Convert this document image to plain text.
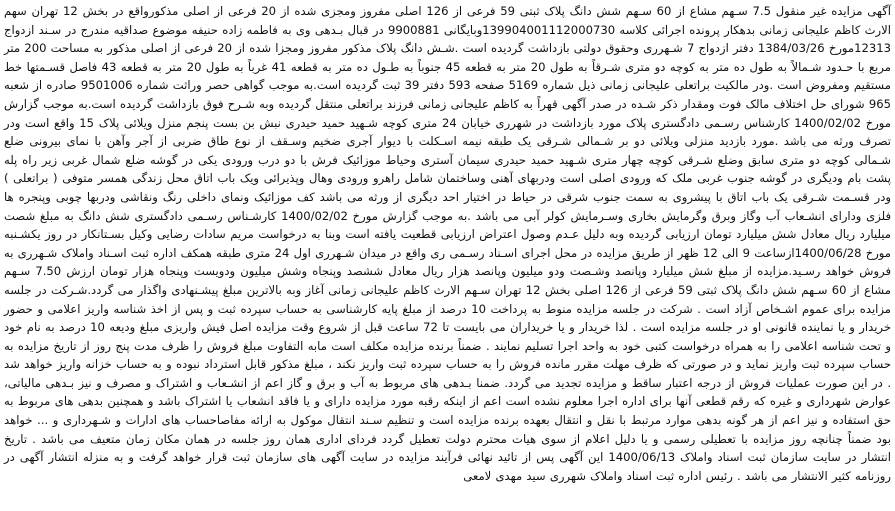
آگهی مزایده غیر منقول 7.5 سـهم مشاع از 60 سـهم شش دانگ پلاک ثبتی 59 فرعی از 126 اصلی مفروز ومجزی شده از 20 فرعی از اصلی مذکورواقع در بخش 12 تهران سهم الارث کاظم علیجانی زمانی بدهکار پرونده اجرائی کلاسه 139904001112000730وبایگانی 9900881 در قبال بـدهی وی به فاطمه زاده حنیفه موضوع صداقیه مندرج در سـند ازدواج 12313مورخ 1384/03/26 دفتر ازدواج 7 شـهرری وحقوق دولتی بازداشت گردیده است .شـش دانگ پلاک مذکور مفروز ومجزا شده از 20 فرعی از اصلی مذکور به مساحت 200 متر مربع با حـدود شـمالاً به طول ده متر به کوچه دو متری شـرقاً به طول 20 متر به قطعه 45 جنوباً به طـول ده متر به قطعه 41 غرباً به طول 20 متر به قطعه 43 فاصل قسـمتها خط مستقیم ومفروض است .ودر مالکیت براتعلی علیجانی زمانی ذیل شماره 5169 صفحه 593 دفتر 39 ثبت گردیده است.به موجب گواهی حصر وراثت شماره 9501006 صادره از شعبه 965 شورای حل اختلاف مالک فوت ومقدار ذکر شـده در صدر آگهی قهراً به کاظم علیجانی زمانی فرزند براتعلی منتقل گردیده وبه شـرح فوق بازداشت گردیده است.به موجب گزارش مورخ 1400/02/02 کارشناس رسـمی دادگستری پلاک مورد بازداشت در شهرری خیابان 24 متری کوچه شـهید حمید حیدری نبش بن بست پنجم منزل ویلائی پلاک 15 واقع است ودر تصرف ورثه می باشد .مورد بازدید منزلی ویلائی دو بر شـمالی شـرقی یک طبقه نیمه اسـکلت با دیوار آجری ضخیم وسـقف از نوع طاق ضربی از آجر وآهن با نمای بیرونی ضلع شـمالی کوچه دو متری سابق وضلع شـرقی کوچه چهار متری شـهید حمید حیدری سیمان آستری وحیاط موزائیک فرش با دو درب ورودی یکی در گوشه ضلع شمال غربی زیر راه پله پشت بام ودیگری در گوشه جنوب غربی ملک که ورودی اصلی است ودربهای آهنی وساختمان شامل راهرو ورودی وهال وپذیرائی ویک باب اتاق محل زندگی همسر متوفی ( براتعلی ) ودر قسـمت شـرقی یک باب اتاق با پیشروی به سمت جنوب شرقی در حیاط در اختیار احد دیگری از ورثه می باشد کف موزائیک ونمای داخلی رنگ ونقاشی ودربها چوبی وپنجره ها فلزی ودارای انشـعاب آب وگاز وبرق وگرمایش بخاری وسـرمایش کولر آبی می باشد .به موجب گزارش مورخ 1400/02/02 کارشـناس رسـمی دادگستری شش دانگ به مبلغ شصت میلیارد ریال معادل شش میلیارد تومان ارزیابی گردیده وبه دلیل عـدم وصول اعتراض ارزیابی قطعیت یافته است وبنا به درخواست مریم سادات رضایی وکیل بسـتانکار در روز یکشـنبه مورخ 1400/06/28ازساعت 9 الی 12 ظهر از طریق مزایده در محل اجرای اسـناد رسـمی ری واقع در میدان شـهرری اول 24 متری طبقه همکف اداره ثبت اسـناد واملاک شـهرری به فروش خواهد رسـید.مزایده از مبلغ شش میلیارد وپانصد وشـصت ودو میلیون وپانصد هزار ریال معادل ششصد وپنجاه وشش میلیون ودویست وپنجاه هزار تومان ارزش 7.50 سـهم مشاع از 60 سـهم شش دانگ پلاک ثبتی 59 فرعی از 126 اصلی بخش 12 تهران سـهم الارث کاظم علیجانی زمانی آغاز وبه بالاترین مبلغ پیشـنهادی واگذار می گردد.شـرکت در جلسه مزایده برای عموم اشـخاص آزاد است . شرکت در جلسه مزایده منوط به پرداخت 10 درصد از مبلغ پایه کارشناسی به حساب سپرده ثبت و پس از اخذ شناسه واریز اعلامی و حضور خریدار و یا نماینده قانونی او در جلسه مزایده است . لذا خریدار و یا خریداران می بایست تا 72 ساعت قبل از شروع وقت مزایده اصل فیش واریزی مبلغ ودیعه 10 درصد به نام خود و تحت شناسه اعلامی را به همراه درخواست کتبی خود به واحد اجرا تسلیم نمایند . ضمناً برنده مزایده مکلف است مابه التفاوت مبلغ فروش را ظرف مدت پنج روز از تاریخ مزایده به حساب سپرده ثبت واریز نماید و در صورتی که ظرف مهلت مقرر مانده فروش را به حساب سپرده ثبت واریز نکند ، مبلغ مذکور قابل استرداد نبوده و به حساب خزانه واریز خواهد شد . در این صورت عملیات فروش از درجه اعتبار ساقط و مزایده تجدید می گردد. ضمنا بـدهی های مربوط به آب و برق و گاز اعم از انشـعاب و اشتراک و مصرف و نیز بـدهی مالیاتی، عوارض شهرداری و غیره که رقم قطعی آنها برای اداره اجرا معلوم نشده است اعم از اینکه رقبه مورد مزایده دارای و یا فاقد انشعاب یا اشتراک باشد و همچنین بدهی های مربوط به حق استفاده و نیز اعم از هر گونه بدهی موارد مرتبط با نقل و انتقال بعهده برنده مزایده است و تنظیم سـند انتقال موکول به ارائه مفاصاحساب های ادارات و شـهرداری و ... خواهد بود ضمناً چنانچه روز مزایده با تعطیلی رسمی و یا دلیل اعلام از سوی هیات محترم دولت تعطیل گردد فردای اداری همان روز جلسه در همان مکان زمان متعیف می باشد . تاریخ انتشار در سایت سازمان ثبت اسناد واملاک 1400/06/13 این آگهی پس از تائید نهائی فرآیند مزایده در سایت آگهی های سازمان ثبت قرار خواهد گرفت و به منزله انتشار آگهی در روزنامه کثیر الانتشار می باشد . رئیس اداره ثبت اسناد واملاک شهرری سید مهدی لامعی
